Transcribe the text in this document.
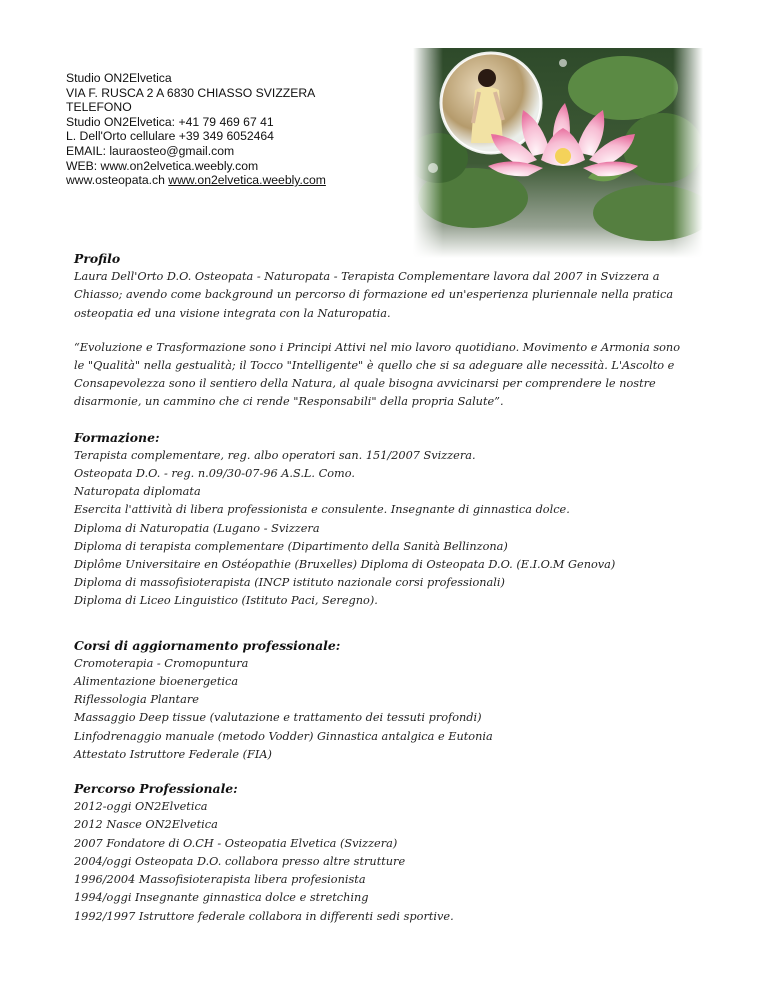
Studio ON2Elvetica
VIA F. RUSCA 2 A 6830 CHIASSO SVIZZERA
TELEFONO
Studio ON2Elvetica: +41 79 469 67 41
L. Dell'Orto cellulare +39 349 6052464
EMAIL: lauraosteo@gmail.com
WEB: www.on2elvetica.weebly.com
www.osteopata.ch www.on2elvetica.weebly.com
Profilo
Laura Dell'Orto D.O. Osteopata - Naturopata - Terapista Complementare lavora dal 2007 in Svizzera a
Chiasso; avendo come background un percorso di formazione ed un'esperienza pluriennale nella pratica
osteopatia ed una visione integrata con la Naturopatia.
“Evoluzione e Trasformazione sono i Principi Attivi nel mio lavoro quotidiano. Movimento e Armonia sono
le "Qualità" nella gestualità; il Tocco "Intelligente" è quello che si sa adeguare alle necessità. L'Ascolto e
Consapevolezza sono il sentiero della Natura, al quale bisogna avvicinarsi per comprendere le nostre
disarmonie, un cammino che ci rende "Responsabili" della propria Salute”.
Formazione:
Terapista complementare, reg. albo operatori san. 151/2007 Svizzera.
Osteopata D.O. - reg. n.09/30-07-96 A.S.L. Como.
Naturopata diplomata
Esercita l'attività di libera professionista e consulente. Insegnante di ginnastica dolce.
Diploma di Naturopatia (Lugano - Svizzera
Diploma di terapista complementare (Dipartimento della Sanità Bellinzona)
Diplôme Universitaire en Ostéopathie (Bruxelles) Diploma di Osteopata D.O. (E.I.O.M Genova)
Diploma di massofisioterapista (INCP istituto nazionale corsi professionali)
Diploma di Liceo Linguistico (Istituto Paci, Seregno).
Corsi di aggiornamento professionale:
Cromoterapia - Cromopuntura
Alimentazione bioenergetica
Riflessologia Plantare
Massaggio Deep tissue (valutazione e trattamento dei tessuti profondi)
Linfodrenaggio manuale (metodo Vodder) Ginnastica antalgica e Eutonia
Attestato Istruttore Federale (FIA)
Percorso Professionale:
2012-oggi ON2Elvetica
2012 Nasce ON2Elvetica
2007 Fondatore di O.CH - Osteopatia Elvetica (Svizzera)
2004/oggi Osteopata D.O. collabora presso altre strutture
1996/2004 Massofisioterapista libera profesionista
1994/oggi Insegnante ginnastica dolce e stretching
1992/1997 Istruttore federale collabora in differenti sedi sportive.
